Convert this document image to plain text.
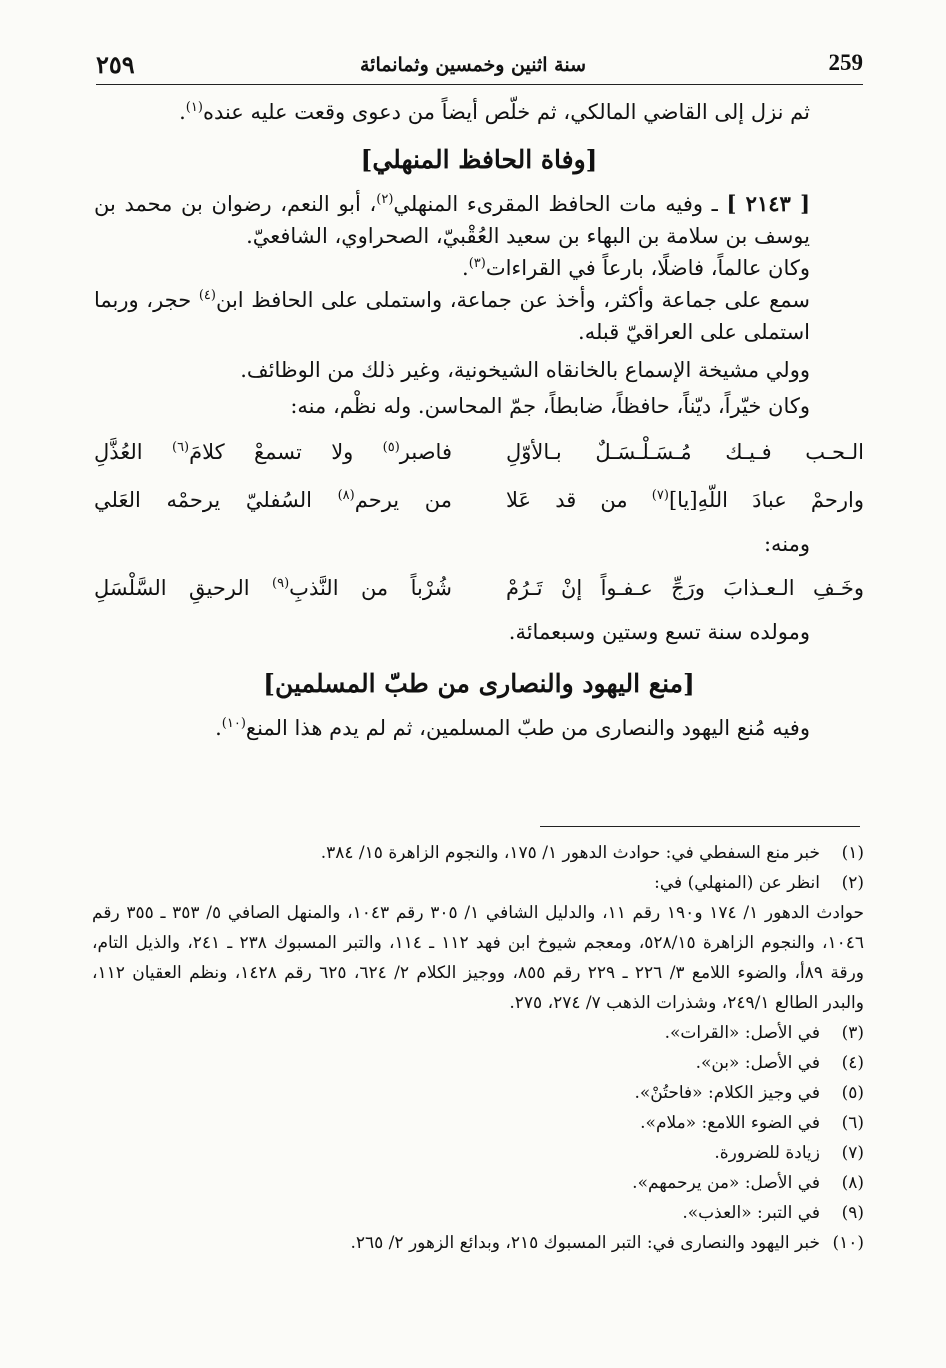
٢٥٩	سنة اثنين وخمسين وثمانمائة	259

ثم نزل إلى القاضي المالكي، ثم خلّص أيضاً من دعوى وقعت عليه عنده$^{(١)}$.

[وفاة الحافظ المنهلي]

[ ٢١٤٣ ] ـ وفيه مات الحافظ المقرىء المنهلي$^{(٢)}$، أبو النعم، رضوان بن محمد بن يوسف بن سلامة بن البهاء بن سعيد العُقْبيّ، الصحراوي، الشافعيّ.

وكان عالماً، فاضلًا، بارعاً في القراءات$^{(٣)}$.

سمع على جماعة وأكثر، وأخذ عن جماعة، واستملى على الحافظ ابن$^{(٤)}$ حجر، وربما استملى على العراقيّ قبله.

وولي مشيخة الإسماع بالخانقاه الشيخونية، وغير ذلك من الوظائف.

وكان خيّراً، ديّناً، حافظاً، ضابطاً، جمّ المحاسن. وله نظْم، منه:

الـحـب فـيـك مُـسَـلْـسَـلٌ بـالأوّلِ
فاصبر$^{(٥)}$ ولا تسمعْ كلامَ$^{(٦)}$ العُذَّلِ
وارحمْ عبادَ اللّهِ[يا]$^{(٧)}$ من قد عَلا
من يرحم$^{(٨)}$ السُفليّ يرحمْه العَلي

ومنه:

وخَـفِ الـعـذابَ ورَجِّ عـفـواً إنْ تَـرُمْ
شُرْباً من النَّذبِ$^{(٩)}$ الرحيقِ السَّلْسَلِ

ومولده سنة تسع وستين وسبعمائة.

[منع اليهود والنصارى من طبّ المسلمين]

وفيه مُنع اليهود والنصارى من طبّ المسلمين، ثم لم يدم هذا المنع$^{(١٠)}$.

(١)
خبر منع السفطي في: حوادث الدهور ١/ ١٧٥، والنجوم الزاهرة ١٥/ ٣٨٤.
(٢)
انظر عن (المنهلي) في:
حوادث الدهور ١/ ١٧٤ و١٩٠ رقم ١١، والدليل الشافي ١/ ٣٠٥ رقم ١٠٤٣، والمنهل الصافي ٥/ ٣٥٣ ـ ٣٥٥ رقم ١٠٤٦، والنجوم الزاهرة ٥٢٨/١٥، ومعجم شيوخ ابن فهد ١١٢ ـ ١١٤، والتبر المسبوك ٢٣٨ ـ ٢٤١، والذيل التام، ورقة ٨٩أ، والضوء اللامع ٣/ ٢٢٦ ـ ٢٢٩ رقم ٨٥٥، ووجيز الكلام ٢/ ٦٢٤، ٦٢٥ رقم ١٤٢٨، ونظم العقيان ١١٢، والبدر الطالع ٢٤٩/١، وشذرات الذهب ٧/ ٢٧٤، ٢٧٥.
(٣)
في الأصل: «القرات».
(٤)
في الأصل: «بن».
(٥)
في وجيز الكلام: «فاحتُنْ».
(٦)
في الضوء اللامع: «ملام».
(٧)
زيادة للضرورة.
(٨)
في الأصل: «من يرحمهم».
(٩)
في التبر: «العذب».
(١٠)
خبر اليهود والنصارى في: التبر المسبوك ٢١٥، وبدائع الزهور ٢/ ٢٦٥.
